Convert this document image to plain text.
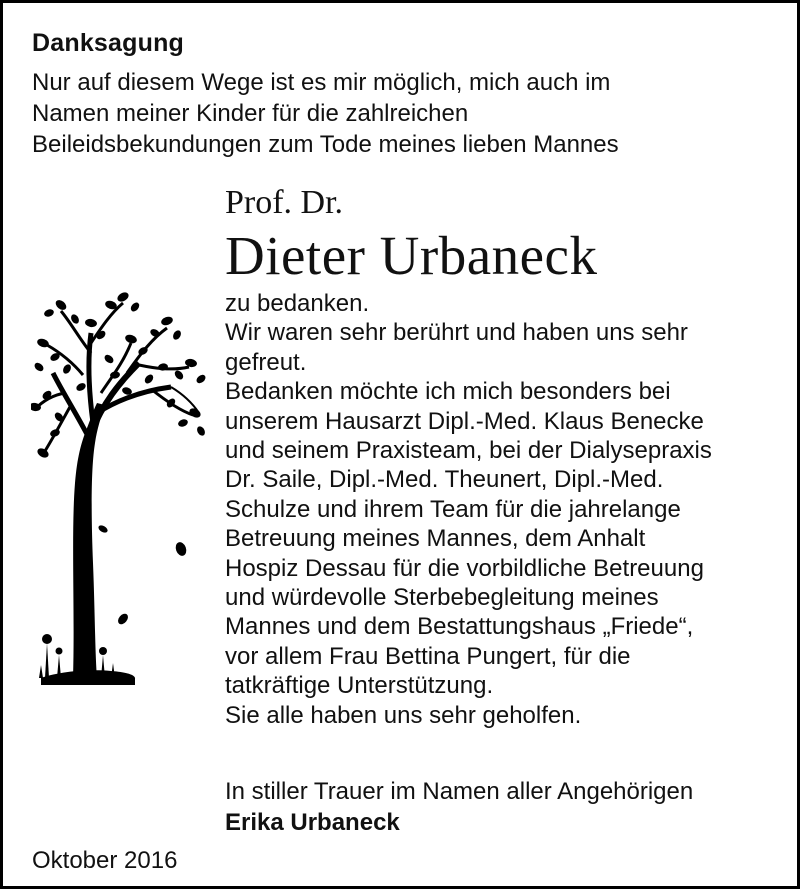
Danksagung

Nur auf diesem Wege ist es mir möglich, mich auch im
Namen meiner Kinder für die zahlreichen
Beileidsbekundungen zum Tode meines lieben Mannes

Prof. Dr.

Dieter Urbaneck

zu bedanken.
Wir waren sehr berührt und haben uns sehr
gefreut.
Bedanken möchte ich mich besonders bei
unserem Hausarzt Dipl.-Med. Klaus Benecke
und seinem Praxisteam, bei der Dialysepraxis
Dr. Saile, Dipl.-Med. Theunert, Dipl.-Med.
Schulze und ihrem Team für die jahrelange
Betreuung meines Mannes, dem Anhalt
Hospiz Dessau für die vorbildliche Betreuung
und würdevolle Sterbebegleitung meines
Mannes und dem Bestattungshaus „Friede“,
vor allem Frau Bettina Pungert, für die
tatkräftige Unterstützung.
Sie alle haben uns sehr geholfen.

In stiller Trauer im Namen aller Angehörigen

Erika Urbaneck

Oktober 2016
